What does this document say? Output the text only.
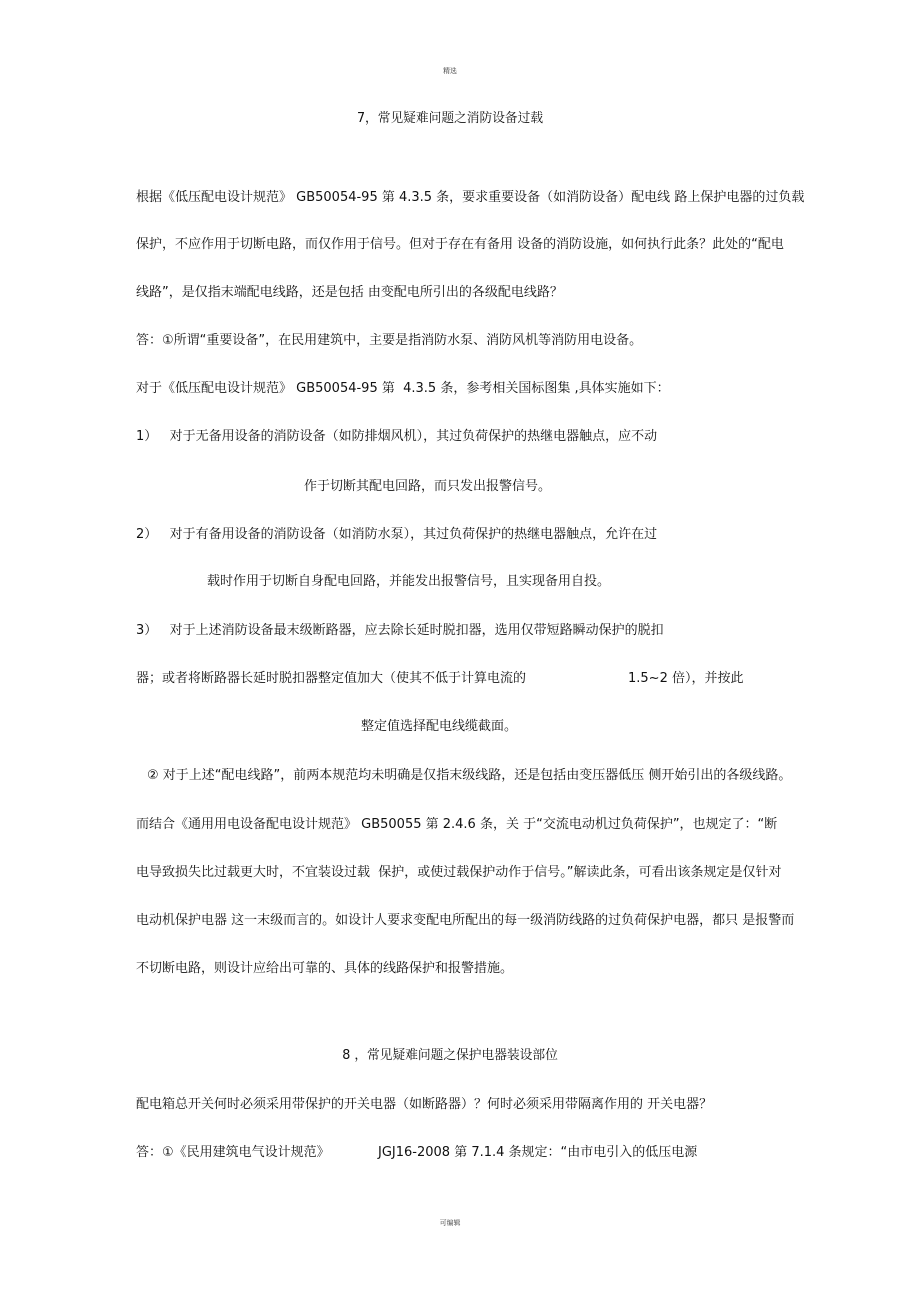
精选
可编辑
7，常见疑难问题之消防设备过载
根据《低压配电设计规范》 GB50054-95 第 4.3.5 条，要求重要设备（如消防设备）配电线 路上保护电器的过负载
保护，不应作用于切断电路，而仅作用于信号。但对于存在有备用 设备的消防设施，如何执行此条？此处的“配电
线路”，是仅指末端配电线路，还是包括 由变配电所引出的各级配电线路？
答：①所谓“重要设备”，在民用建筑中，主要是指消防水泵、消防风机等消防用电设备。
对于《低压配电设计规范》 GB50054-95 第  4.3.5 条，参考相关国标图集 ,具体实施如下：
1）   对于无备用设备的消防设备（如防排烟风机），其过负荷保护的热继电器触点，应不动
作于切断其配电回路，而只发出报警信号。
2）   对于有备用设备的消防设备（如消防水泵），其过负荷保护的热继电器触点，允许在过
载时作用于切断自身配电回路，并能发出报警信号，且实现备用自投。
3）   对于上述消防设备最末级断路器，应去除长延时脱扣器，选用仅带短路瞬动保护的脱扣
器；或者将断路器长延时脱扣器整定值加大（使其不低于计算电流的	1.5~2 倍），并按此
整定值选择配电线缆截面。
② 对于上述“配电线路”，前两本规范均未明确是仅指末级线路，还是包括由变压器低压 侧开始引出的各级线路。
而结合《通用用电设备配电设计规范》 GB50055 第 2.4.6 条，关 于“交流电动机过负荷保护”，也规定了：“断
电导致损失比过载更大时，不宜装设过载  保护，或使过载保护动作于信号。”解读此条，可看出该条规定是仅针对
电动机保护电器 这一末级而言的。如设计人要求变配电所配出的每一级消防线路的过负荷保护电器，都只 是报警而
不切断电路，则设计应给出可靠的、具体的线路保护和报警措施。
8 ，常见疑难问题之保护电器装设部位
配电箱总开关何时必须采用带保护的开关电器（如断路器）？何时必须采用带隔离作用的 开关电器？
答：①《民用建筑电气设计规范》	JGJ16-2008 第 7.1.4 条规定：“由市电引入的低压电源
